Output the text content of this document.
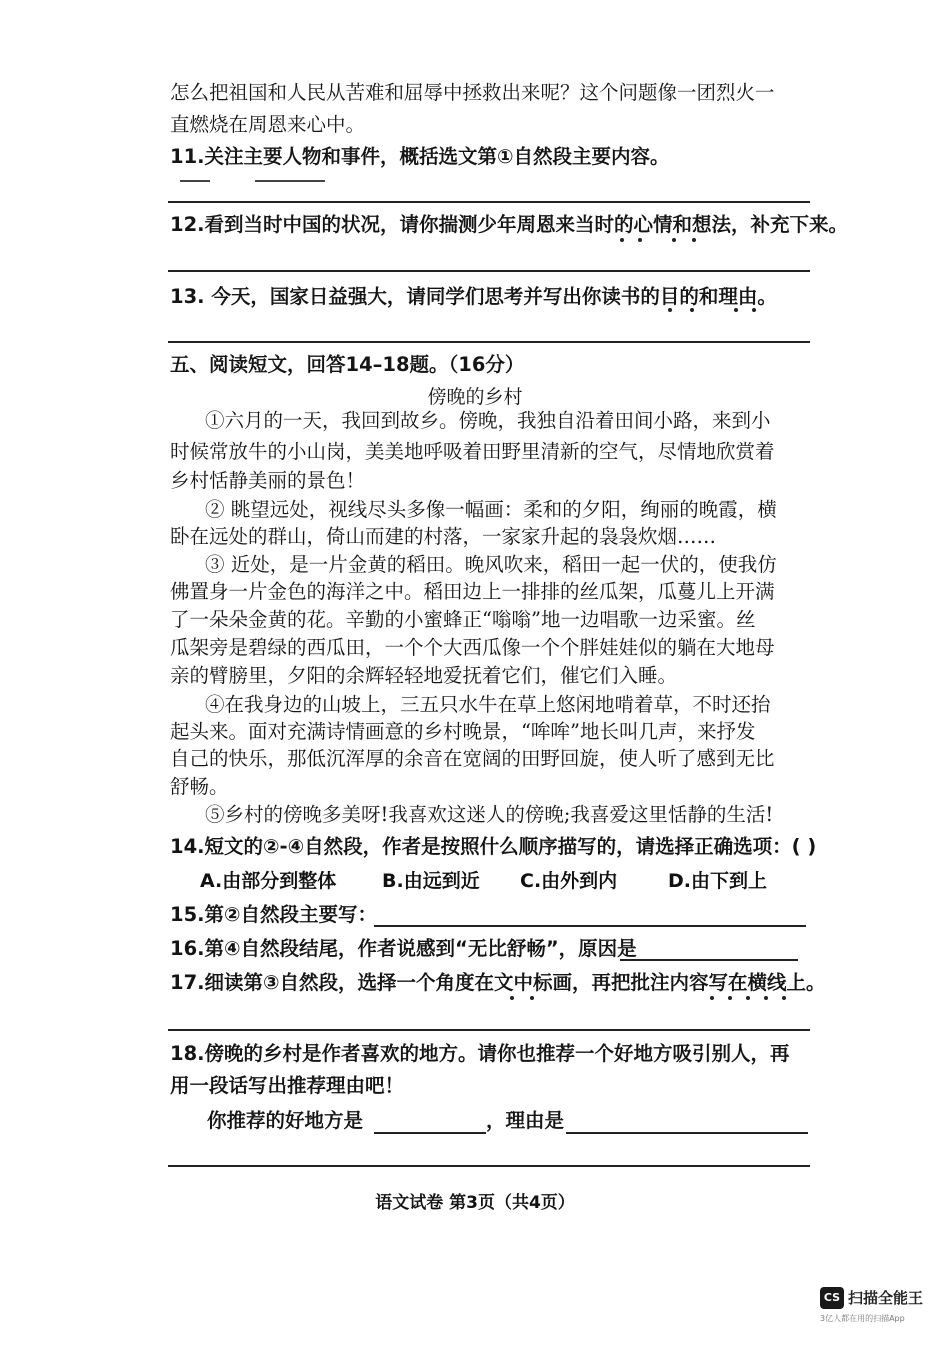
怎么把祖国和人民从苦难和屈辱中拯救出来呢？这个问题像一团烈火一
直燃烧在周恩来心中。
11.关注主要人物和事件，概括选文第①自然段主要内容。
12.看到当时中国的状况，请你揣测少年周恩来当时的心情和想法，补充下来。
13. 今天，国家日益强大，请同学们思考并写出你读书的目的和理由。
五、阅读短文，回答14–18题。（16分）
傍晚的乡村
①六月的一天，我回到故乡。傍晚，我独自沿着田间小路，来到小
时候常放牛的小山岗，美美地呼吸着田野里清新的空气，尽情地欣赏着
乡村恬静美丽的景色！
② 眺望远处，视线尽头多像一幅画：柔和的夕阳，绚丽的晚霞，横
卧在远处的群山，倚山而建的村落，一家家升起的袅袅炊烟……
③ 近处，是一片金黄的稻田。晚风吹来，稻田一起一伏的，使我仿
佛置身一片金色的海洋之中。稻田边上一排排的丝瓜架，瓜蔓儿上开满
了一朵朵金黄的花。辛勤的小蜜蜂正“嗡嗡”地一边唱歌一边采蜜。丝
瓜架旁是碧绿的西瓜田，一个个大西瓜像一个个胖娃娃似的躺在大地母
亲的臂膀里，夕阳的余辉轻轻地爱抚着它们，催它们入睡。
④在我身边的山坡上，三五只水牛在草上悠闲地啃着草，不时还抬
起头来。面对充满诗情画意的乡村晚景，“哞哞”地长叫几声，来抒发
自己的快乐，那低沉浑厚的余音在宽阔的田野回旋，使人听了感到无比
舒畅。
⑤乡村的傍晚多美呀!我喜欢这迷人的傍晚;我喜爱这里恬静的生活!
14.短文的②-④自然段，作者是按照什么顺序描写的，请选择正确选项：( )
A.由部分到整体 B.由远到近 C.由外到内	D.由下到上
15.第②自然段主要写：
16.第④自然段结尾，作者说感到“无比舒畅”，原因是
17.细读第③自然段，选择一个角度在文中标画，再把批注内容写在横线上。
18.傍晚的乡村是作者喜欢的地方。请你也推荐一个好地方吸引别人，再
用一段话写出推荐理由吧！
你推荐的好地方是	，理由是
语文试卷 第3页（共4页）
CS 扫描全能王
3亿人都在用的扫描App
